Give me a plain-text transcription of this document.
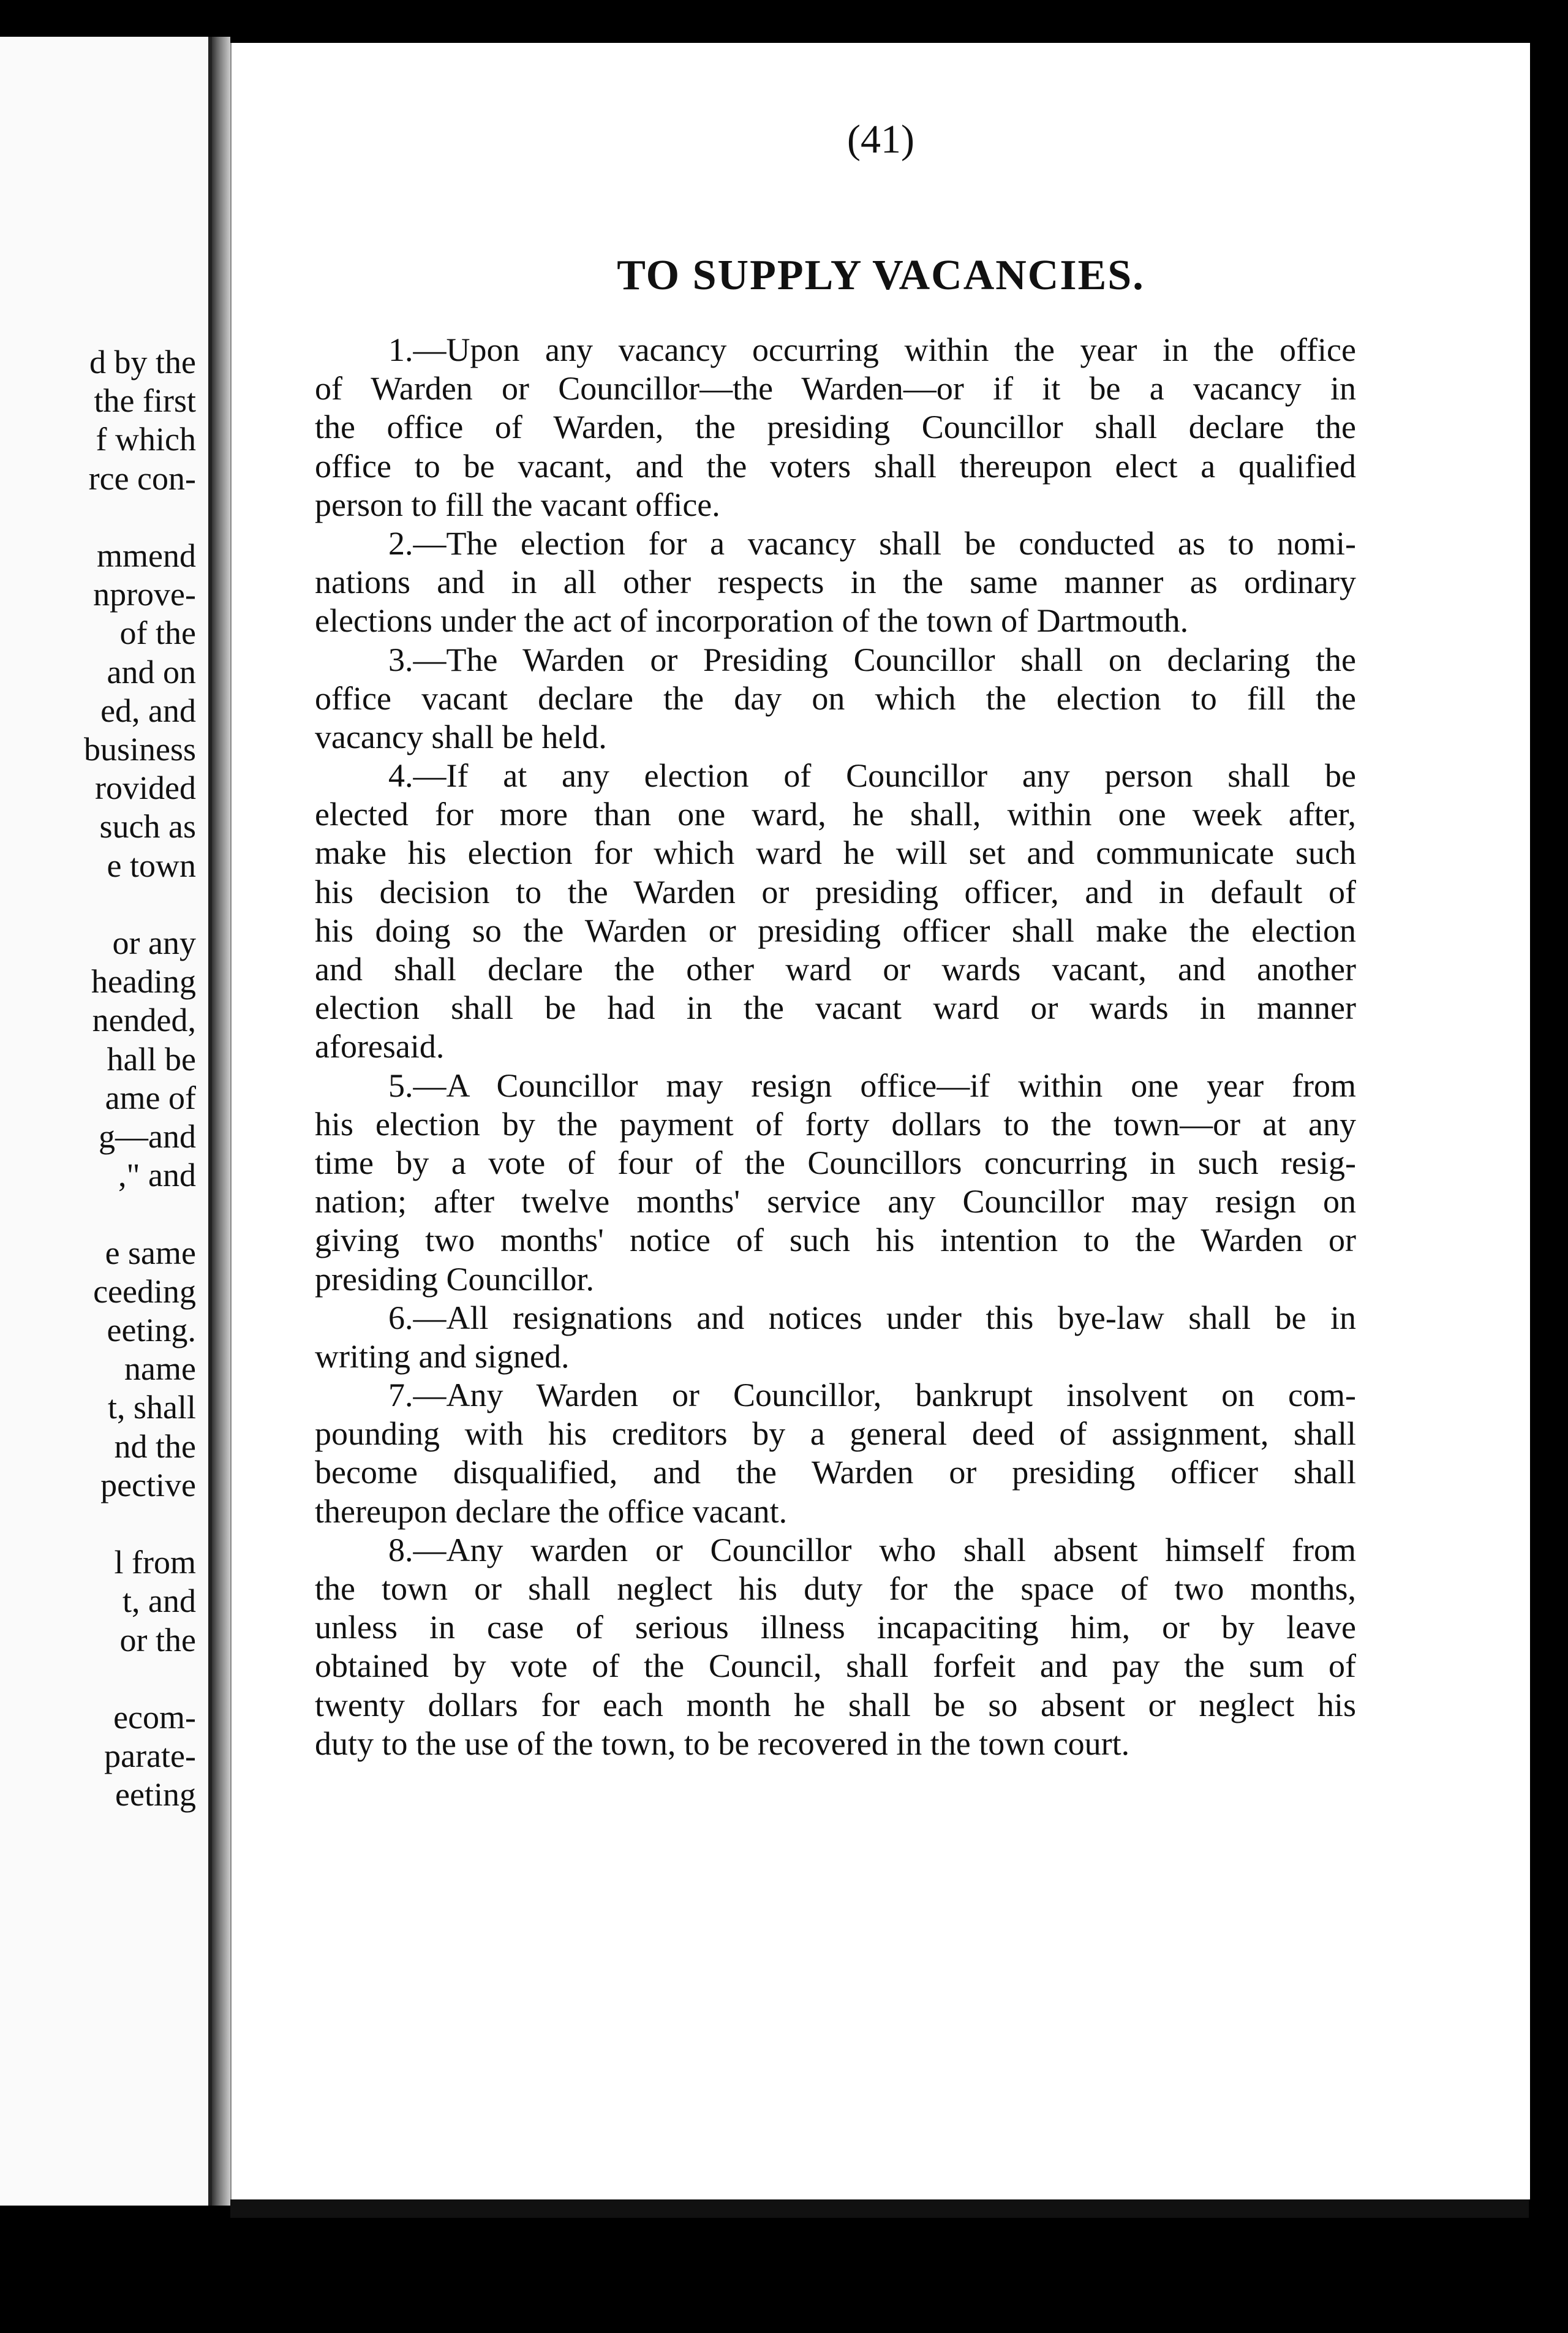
d by the
the first
f which
rce con-
mmend
nprove-
of the
and on
ed, and
business
rovided
such as
e town
or any
heading
nended,
hall be
ame of
g—and
," and
e same
ceeding
eeting.
name
t, shall
nd the
pective
l from
t, and
or the
ecom-
parate-
eeting
(41)
TO SUPPLY VACANCIES.
1.—Upon any vacancy occurring within the year in the office
of Warden or Councillor—the Warden—or if it be a vacancy in
the office of Warden, the presiding Councillor shall declare the
office to be vacant, and the voters shall thereupon elect a qualified
person to fill the vacant office.
2.—The election for a vacancy shall be conducted as to nomi-
nations and in all other respects in the same manner as ordinary
elections under the act of incorporation of the town of Dartmouth.
3.—The Warden or Presiding Councillor shall on declaring the
office vacant declare the day on which the election to fill the
vacancy shall be held.
4.—If at any election of Councillor any person shall be
elected for more than one ward, he shall, within one week after,
make his election for which ward he will set and communicate such
his decision to the Warden or presiding officer, and in default of
his doing so the Warden or presiding officer shall make the election
and shall declare the other ward or wards vacant, and another
election shall be had in the vacant ward or wards in manner
aforesaid.
5.—A Councillor may resign office—if within one year from
his election by the payment of forty dollars to the town—or at any
time by a vote of four of the Councillors concurring in such resig-
nation; after twelve months' service any Councillor may resign on
giving two months' notice of such his intention to the Warden or
presiding Councillor.
6.—All resignations and notices under this bye-law shall be in
writing and signed.
7.—Any Warden or Councillor, bankrupt insolvent on com-
pounding with his creditors by a general deed of assignment, shall
become disqualified, and the Warden or presiding officer shall
thereupon declare the office vacant.
8.—Any warden or Councillor who shall absent himself from
the town or shall neglect his duty for the space of two months,
unless in case of serious illness incapaciting him, or by leave
obtained by vote of the Council, shall forfeit and pay the sum of
twenty dollars for each month he shall be so absent or neglect his
duty to the use of the town, to be recovered in the town court.
